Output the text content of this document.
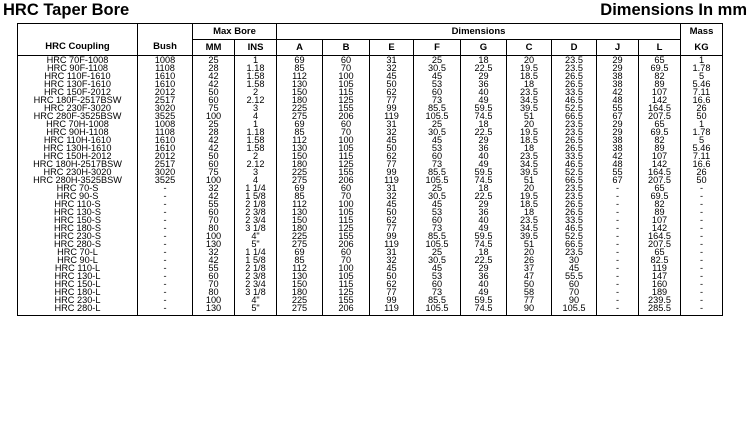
HRC Taper Bore	Dimensions In mm
HRC Coupling	Bush	Max Bore		Dimensions									Mass
		MM	INS	A	B	E	F	G	C	D	J	L	KG
HRC 70F-1008	1008	25	1	69	60	31	25	18	20	23.5	29	65	1
HRC 90F-1108	1108	28	1.18	85	70	32	30.5	22.5	19.5	23.5	29	69.5	1.78
HRC 110F-1610	1610	42	1.58	112	100	45	45	29	18.5	26.5	38	82	5
HRC 130F-1610	1610	42	1.58	130	105	50	53	36	18	26.5	38	89	5.46
HRC 150F-2012	2012	50	2	150	115	62	60	40	23.5	33.5	42	107	7.11
HRC 180F-2517BSW	2517	60	2.12	180	125	77	73	49	34.5	46.5	48	142	16.6
HRC 230F-3020	3020	75	3	225	155	99	85.5	59.5	39.5	52.5	55	164.5	26
HRC 280F-3525BSW	3525	100	4	275	206	119	105.5	74.5	51	66.5	67	207.5	50
HRC 70H-1008	1008	25	1	69	60	31	25	18	20	23.5	29	65	1
HRC 90H-1108	1108	28	1.18	85	70	32	30.5	22.5	19.5	23.5	29	69.5	1.78
HRC 110H-1610	1610	42	1.58	112	100	45	45	29	18.5	26.5	38	82	5
HRC 130H-1610	1610	42	1.58	130	105	50	53	36	18	26.5	38	89	5.46
HRC 150H-2012	2012	50	2	150	115	62	60	40	23.5	33.5	42	107	7.11
HRC 180H-2517BSW	2517	60	2.12	180	125	77	73	49	34.5	46.5	48	142	16.6
HRC 230H-3020	3020	75	3	225	155	99	85.5	59.5	39.5	52.5	55	164.5	26
HRC 280H-3525BSW	3525	100	4	275	206	119	105.5	74.5	51	66.5	67	207.5	50
HRC 70-S	-	32	1 1/4	69	60	31	25	18	20	23.5	-	65	-
HRC 90-S	-	42	1 5/8	85	70	32	30.5	22.5	19.5	23.5	-	69.5	-
HRC 110-S	-	55	2 1/8	112	100	45	45	29	18.5	26.5	-	82	-
HRC 130-S	-	60	2 3/8	130	105	50	53	36	18	26.5	-	89	-
HRC 150-S	-	70	2 3/4	150	115	62	60	40	23.5	33.5	-	107	-
HRC 180-S	-	80	3 1/8	180	125	77	73	49	34.5	46.5	-	142	-
HRC 230-S	-	100	4"	225	155	99	85.5	59.5	39.5	52.5	-	164.5	-
HRC 280-S	-	130	5"	275	206	119	105.5	74.5	51	66.5	-	207.5	-
HRC 70-L	-	32	1 1/4	69	60	31	25	18	20	23.5	-	65	-
HRC 90-L	-	42	1 5/8	85	70	32	30.5	22.5	26	30	-	82.5	-
HRC 110-L	-	55	2 1/8	112	100	45	45	29	37	45	-	119	-
HRC 130-L	-	60	2 3/8	130	105	50	53	36	47	55.5	-	147	-
HRC 150-L	-	70	2 3/4	150	115	62	60	40	50	60	-	160	-
HRC 180-L	-	80	3 1/8	180	125	77	73	49	58	70	-	189	-
HRC 230-L	-	100	4"	225	155	99	85.5	59.5	77	90	-	239.5	-
HRC 280-L	-	130	5"	275	206	119	105.5	74.5	90	105.5	-	285.5	-
